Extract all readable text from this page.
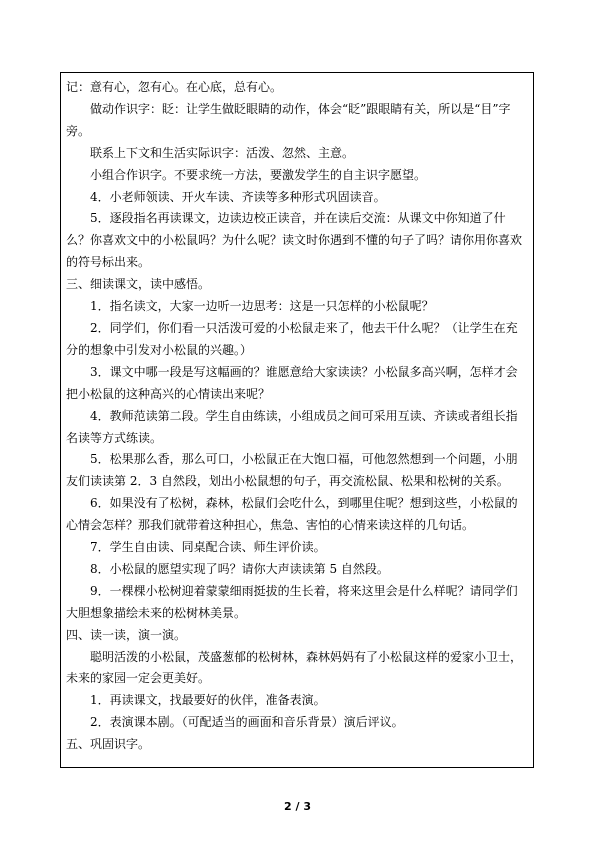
记：意有心，忽有心。在心底，总有心。

做动作识字：眨：让学生做眨眼睛的动作，体会“眨”跟眼睛有关，所以是“目”字旁。

联系上下文和生活实际识字：活泼、忽然、主意。

小组合作识字。不要求统一方法，要激发学生的自主识字愿望。

4．小老师领读、开火车读、齐读等多种形式巩固读音。

5．逐段指名再读课文，边读边校正读音，并在读后交流：从课文中你知道了什么？你喜欢文中的小松鼠吗？为什么呢？读文时你遇到不懂的句子了吗？请你用你喜欢的符号标出来。

三、细读课文，读中感悟。

1．指名读文，大家一边听一边思考：这是一只怎样的小松鼠呢？

2．同学们，你们看一只活泼可爱的小松鼠走来了，他去干什么呢？（让学生在充分的想象中引发对小松鼠的兴趣。）

3．课文中哪一段是写这幅画的？谁愿意给大家读读？小松鼠多高兴啊，怎样才会把小松鼠的这种高兴的心情读出来呢？

4．教师范读第二段。学生自由练读，小组成员之间可采用互读、齐读或者组长指名读等方式练读。

5．松果那么香，那么可口，小松鼠正在大饱口福，可他忽然想到一个问题，小朋友们读读第 2．3 自然段，划出小松鼠想的句子，再交流松鼠、松果和松树的关系。

6．如果没有了松树，森林，松鼠们会吃什么，到哪里住呢？想到这些，小松鼠的心情会怎样？那我们就带着这种担心，焦急、害怕的心情来读这样的几句话。

7．学生自由读、同桌配合读、师生评价读。

8．小松鼠的愿望实现了吗？请你大声读读第 5 自然段。

9．一棵棵小松树迎着蒙蒙细雨挺拔的生长着，将来这里会是什么样呢？请同学们大胆想象描绘未来的松树林美景。

四、读一读，演一演。

聪明活泼的小松鼠，茂盛葱郁的松树林，森林妈妈有了小松鼠这样的爱家小卫士，未来的家园一定会更美好。

1．再读课文，找最要好的伙伴，准备表演。

2．表演课本剧。（可配适当的画面和音乐背景）演后评议。

五、巩固识字。

2 / 3
